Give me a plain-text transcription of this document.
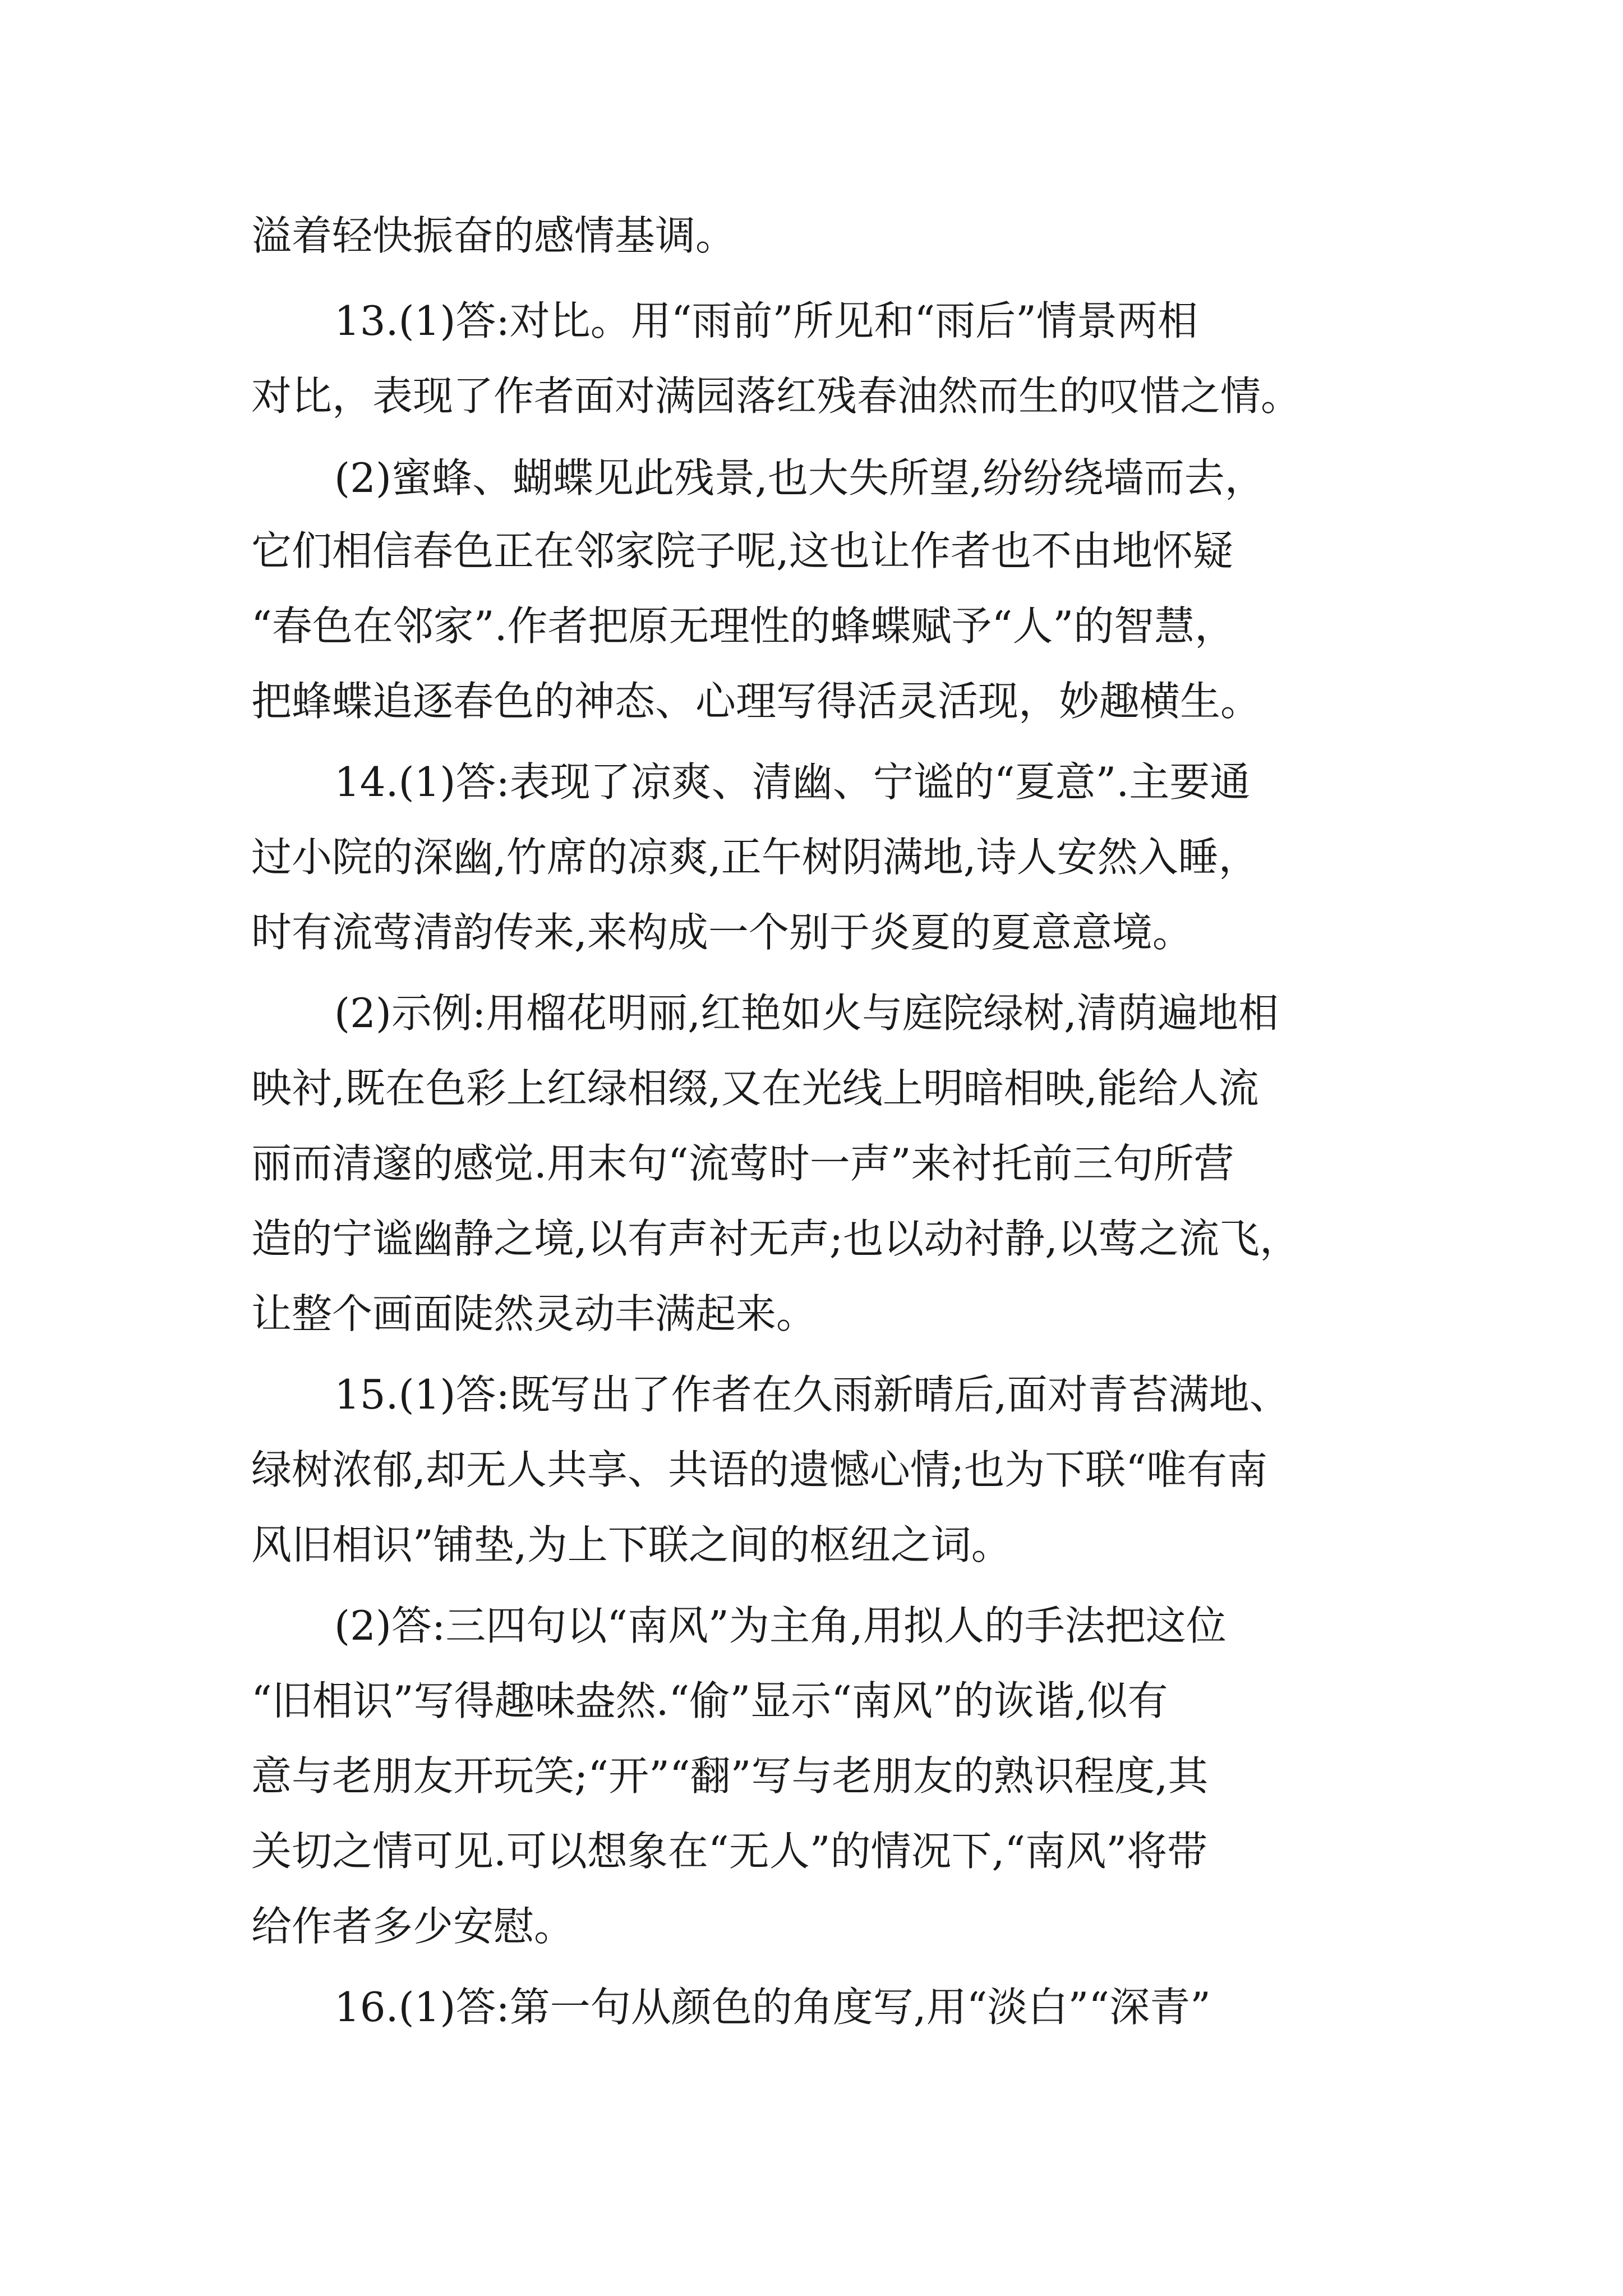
溢着轻快振奋的感情基调。
13.(1)答:对比。用“雨前”所见和“雨后”情景两相
对比，表现了作者面对满园落红残春油然而生的叹惜之情。
(2)蜜蜂、蝴蝶见此残景,也大失所望,纷纷绕墙而去，
它们相信春色正在邻家院子呢,这也让作者也不由地怀疑
“春色在邻家”.作者把原无理性的蜂蝶赋予“人”的智慧，
把蜂蝶追逐春色的神态、心理写得活灵活现，妙趣横生。
14.(1)答:表现了凉爽、清幽、宁谧的“夏意”.主要通
过小院的深幽,竹席的凉爽,正午树阴满地,诗人安然入睡，
时有流莺清韵传来,来构成一个别于炎夏的夏意意境。
(2)示例:用榴花明丽,红艳如火与庭院绿树,清荫遍地相
映衬,既在色彩上红绿相缀,又在光线上明暗相映,能给人流
丽而清邃的感觉.用末句“流莺时一声”来衬托前三句所营
造的宁谧幽静之境,以有声衬无声;也以动衬静,以莺之流飞，
让整个画面陡然灵动丰满起来。
15.(1)答:既写出了作者在久雨新晴后,面对青苔满地、
绿树浓郁,却无人共享、共语的遗憾心情;也为下联“唯有南
风旧相识”铺垫,为上下联之间的枢纽之词。
(2)答:三四句以“南风”为主角,用拟人的手法把这位
“旧相识”写得趣味盎然.“偷”显示“南风”的诙谐,似有
意与老朋友开玩笑;“开”“翻”写与老朋友的熟识程度,其
关切之情可见.可以想象在“无人”的情况下,“南风”将带
给作者多少安慰。
16.(1)答:第一句从颜色的角度写,用“淡白”“深青”
